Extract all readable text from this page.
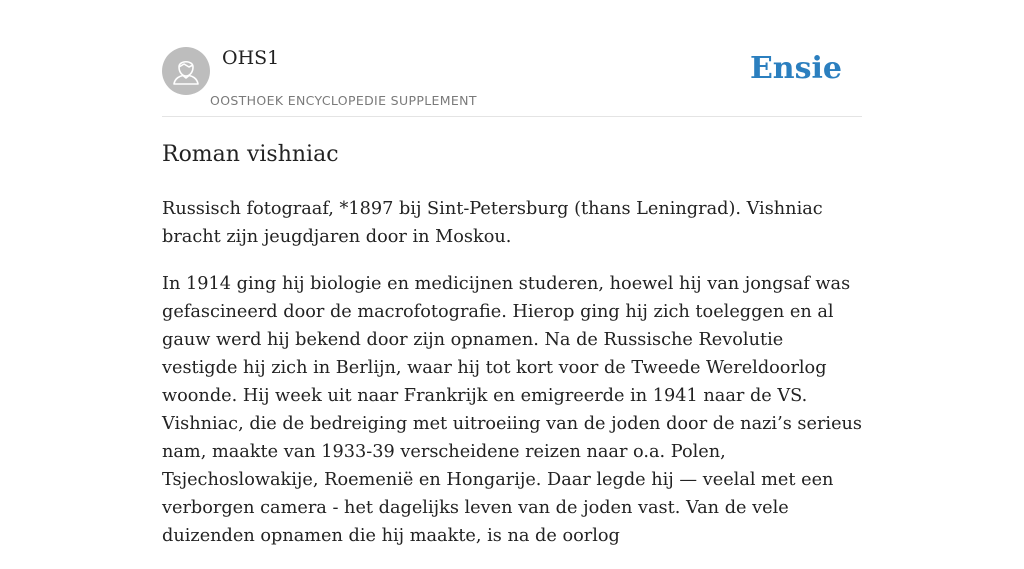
OHS1
OOSTHOEK ENCYCLOPEDIE SUPPLEMENT
Ensie
Roman vishniac

Russisch fotograaf, *1897 bij Sint-Petersburg (thans Leningrad). Vishniac bracht zijn jeugdjaren door in Moskou.

In 1914 ging hij biologie en medicijnen studeren, hoewel hij van jongsaf was gefascineerd door de macrofotografie. Hierop ging hij zich toeleggen en al gauw werd hij bekend door zijn opnamen. Na de Russische Revolutie vestigde hij zich in Berlijn, waar hij tot kort voor de Tweede Wereldoorlog woonde. Hij week uit naar Frankrijk en emigreerde in 1941 naar de VS. Vishniac, die de bedreiging met uitroeiing van de joden door de nazi’s serieus nam, maakte van 1933-39 verscheidene reizen naar o.a. Polen, Tsjechoslowakije, Roemenië en Hongarije. Daar legde hij — veelal met een verborgen camera - het dagelijks leven van de joden vast. Van de vele duizenden opnamen die hij maakte, is na de oorlog
